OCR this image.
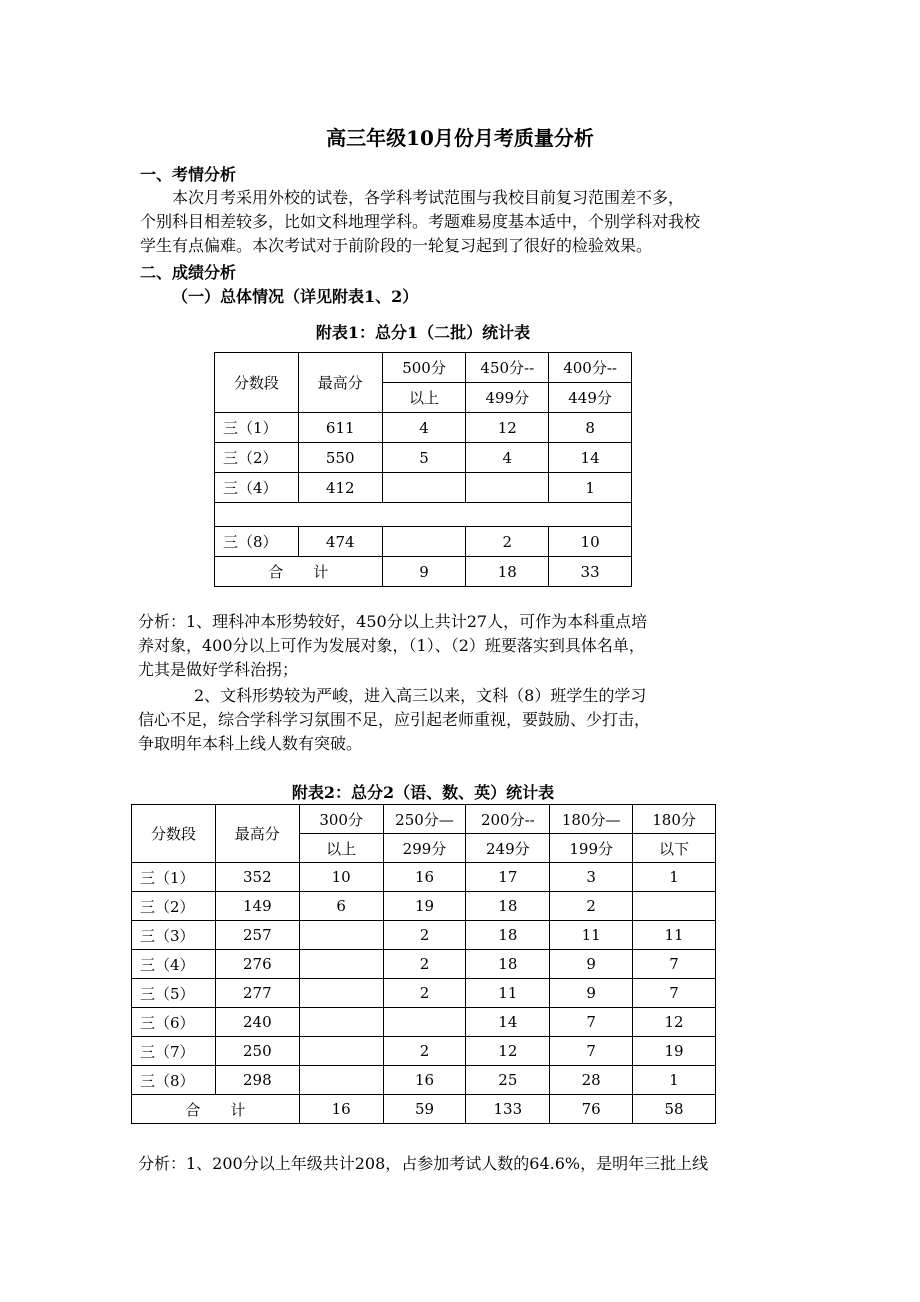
高三年级10月份月考质量分析
一、考情分析
本次月考采用外校的试卷，各学科考试范围与我校目前复习范围差不多，
个别科目相差较多，比如文科地理学科。考题难易度基本适中，个别学科对我校
学生有点偏难。本次考试对于前阶段的一轮复习起到了很好的检验效果。
二、成绩分析
（一）总体情况（详见附表1、2）
附表1：总分1（二批）统计表
分数段	最高分	500分	450分--	400分--
		以上	499分	449分
三（1）	611	4	12	8
三（2）	550	5	4	14
三（4）	412			1

三（8）	474		2	10
合　　计		9	18	33
分析：1、理科冲本形势较好，450分以上共计27人，可作为本科重点培
养对象，400分以上可作为发展对象，（1）、（2）班要落实到具体名单，
尤其是做好学科治拐；
2、文科形势较为严峻，进入高三以来，文科（8）班学生的学习
信心不足，综合学科学习氛围不足，应引起老师重视，要鼓励、少打击，
争取明年本科上线人数有突破。
附表2：总分2（语、数、英）统计表
分数段	最高分	300分	250分—	200分--	180分—	180分
		以上	299分	249分	199分	以下
三（1）	352	10	16	17	3	1
三（2）	149	6	19	18	2	
三（3）	257		2	18	11	11
三（4）	276		2	18	9	7
三（5）	277		2	11	9	7
三（6）	240			14	7	12
三（7）	250		2	12	7	19
三（8）	298		16	25	28	1
合　　计		16	59	133	76	58
分析：1、200分以上年级共计208，占参加考试人数的64.6%，是明年三批上线
